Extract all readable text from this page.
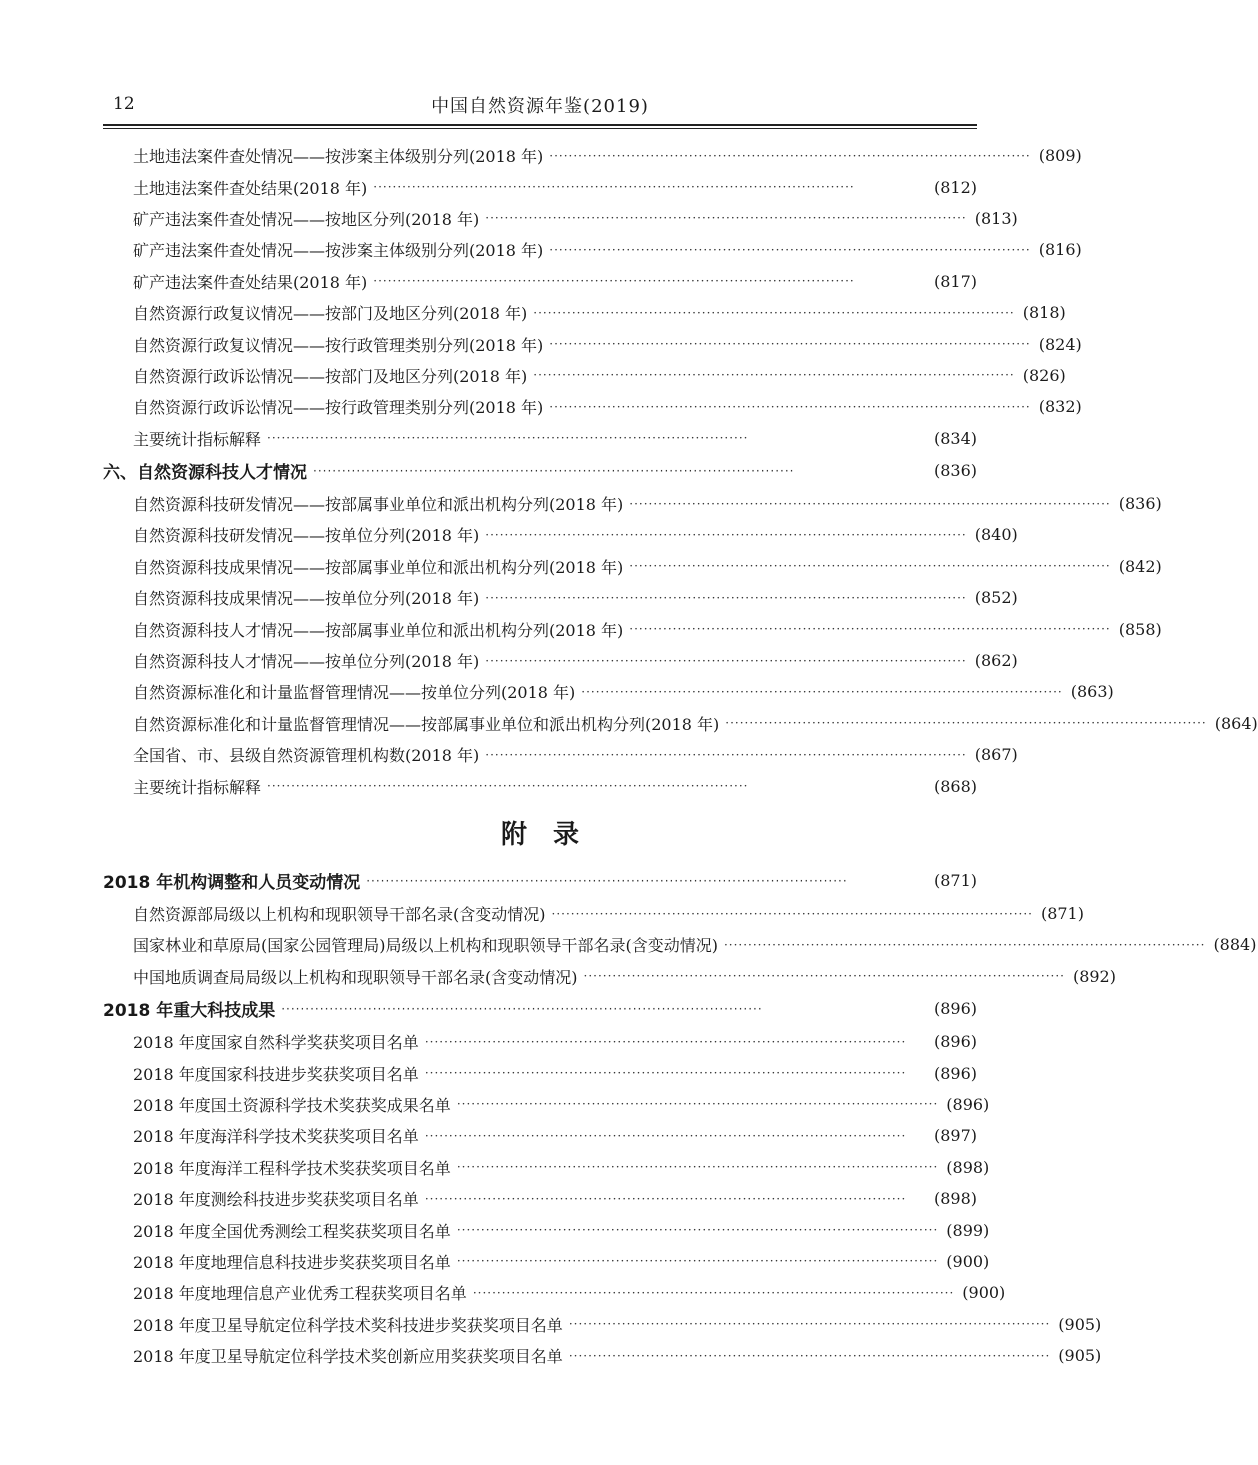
12	中国自然资源年鉴(2019)
土地违法案件查处情况——按涉案主体级别分列(2018 年) ···································································································· (809)
土地违法案件查处结果(2018 年) ····································································································	(812)
矿产违法案件查处情况——按地区分列(2018 年) ···································································································· (813)
矿产违法案件查处情况——按涉案主体级别分列(2018 年) ···································································································· (816)
矿产违法案件查处结果(2018 年) ····································································································	(817)
自然资源行政复议情况——按部门及地区分列(2018 年) ···································································································· (818)
自然资源行政复议情况——按行政管理类别分列(2018 年) ···································································································· (824)
自然资源行政诉讼情况——按部门及地区分列(2018 年) ···································································································· (826)
自然资源行政诉讼情况——按行政管理类别分列(2018 年) ···································································································· (832)
主要统计指标解释 ····································································································	(834)
六、自然资源科技人才情况 ····································································································	(836)
自然资源科技研发情况——按部属事业单位和派出机构分列(2018 年) ···································································································· (836)
自然资源科技研发情况——按单位分列(2018 年) ···································································································· (840)
自然资源科技成果情况——按部属事业单位和派出机构分列(2018 年) ···································································································· (842)
自然资源科技成果情况——按单位分列(2018 年) ···································································································· (852)
自然资源科技人才情况——按部属事业单位和派出机构分列(2018 年) ···································································································· (858)
自然资源科技人才情况——按单位分列(2018 年) ···································································································· (862)
自然资源标准化和计量监督管理情况——按单位分列(2018 年) ···································································································· (863)
自然资源标准化和计量监督管理情况——按部属事业单位和派出机构分列(2018 年) ···································································································· (864)
全国省、市、县级自然资源管理机构数(2018 年) ···································································································· (867)
主要统计指标解释 ····································································································	(868)
附录
2018 年机构调整和人员变动情况 ····································································································	(871)
自然资源部局级以上机构和现职领导干部名录(含变动情况) ···································································································· (871)
国家林业和草原局(国家公园管理局)局级以上机构和现职领导干部名录(含变动情况) ···································································································· (884)
中国地质调查局局级以上机构和现职领导干部名录(含变动情况) ···································································································· (892)
2018 年重大科技成果 ····································································································	(896)
2018 年度国家自然科学奖获奖项目名单 ····································································································	(896)
2018 年度国家科技进步奖获奖项目名单 ····································································································	(896)
2018 年度国土资源科学技术奖获奖成果名单 ···································································································· (896)
2018 年度海洋科学技术奖获奖项目名单 ····································································································	(897)
2018 年度海洋工程科学技术奖获奖项目名单 ···································································································· (898)
2018 年度测绘科技进步奖获奖项目名单 ····································································································	(898)
2018 年度全国优秀测绘工程奖获奖项目名单 ···································································································· (899)
2018 年度地理信息科技进步奖获奖项目名单 ···································································································· (900)
2018 年度地理信息产业优秀工程获奖项目名单 ···································································································· (900)
2018 年度卫星导航定位科学技术奖科技进步奖获奖项目名单 ···································································································· (905)
2018 年度卫星导航定位科学技术奖创新应用奖获奖项目名单 ···································································································· (905)
